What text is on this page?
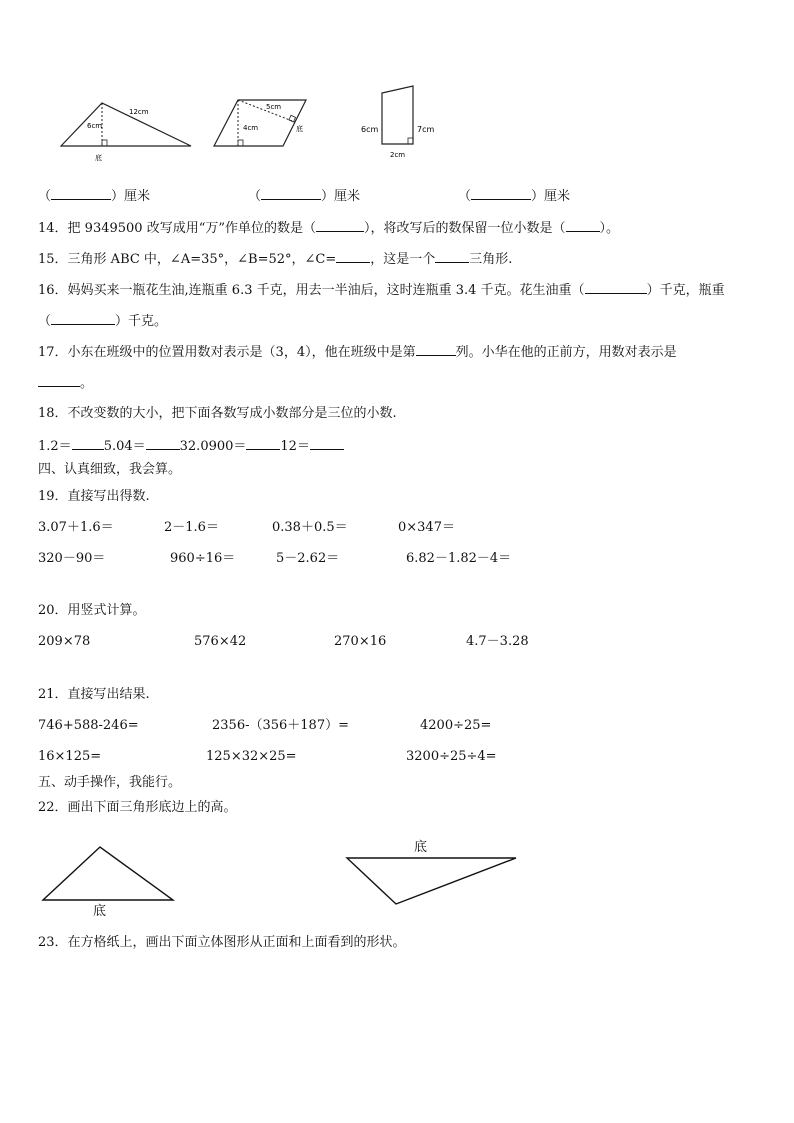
12cm
6cm
底
5cm
4cm	底	6cm	7cm
2cm
（	）厘米	（	）厘米	（	）厘米
14．把 9349500 改写成用“万”作单位的数是（	），将改写后的数保留一位小数是（	）。
15．三角形 ABC 中，∠A=35°，∠B=52°，∠C=	，这是一个	三角形.
16．妈妈买来一瓶花生油,连瓶重 6.3 千克，用去一半油后，这时连瓶重 3.4 千克。花生油重（	）千克，瓶重
（	）千克。
17．小东在班级中的位置用数对表示是（3，4），他在班级中是第	列。小华在他的正前方，用数对表示是
。
18．不改变数的大小，把下面各数写成小数部分是三位的小数.
1.2＝ 5.04＝	32.0900＝	12＝
四、认真细致，我会算。
19．直接写出得数.
3.07＋1.6＝	2－1.6＝	0.38＋0.5＝	0×347＝
320－90＝	960÷16＝	5－2.62＝	6.82－1.82－4＝
20．用竖式计算。
209×78	576×42	270×16	4.7－3.28
21．直接写出结果.
746+588-246=	2356-（356＋187）=	4200÷25=
16×125=	125×32×25=	3200÷25÷4=
五、动手操作，我能行。
22．画出下面三角形底边上的高。
底
底
23．在方格纸上，画出下面立体图形从正面和上面看到的形状。
